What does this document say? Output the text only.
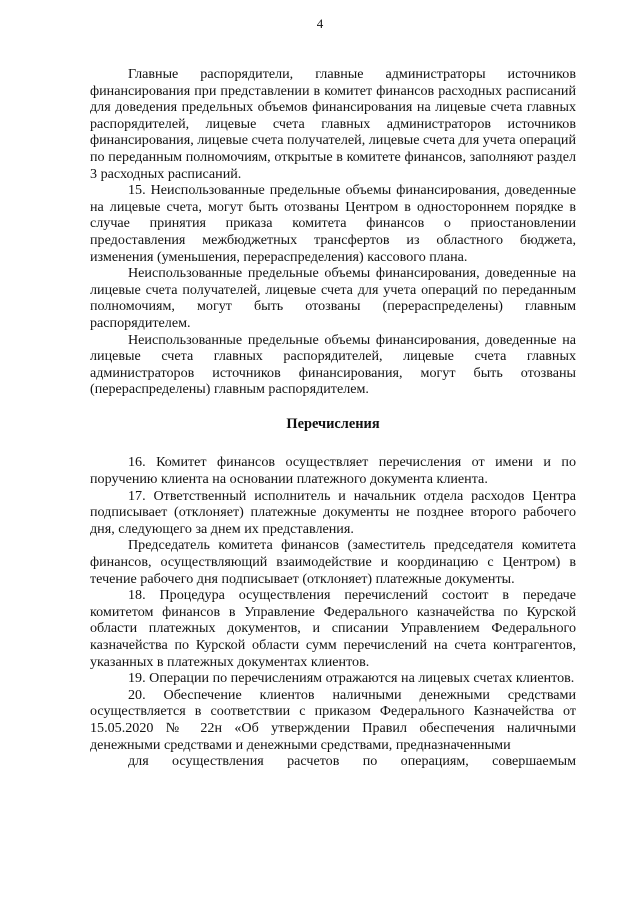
4

Главные распорядители, главные администраторы источников финансирования при представлении в комитет финансов расходных расписаний для доведения предельных объемов финансирования на лицевые счета главных распорядителей, лицевые счета главных администраторов источников финансирования, лицевые счета получателей, лицевые счета для учета операций по переданным полномочиям, открытые в комитете финансов, заполняют раздел 3 расходных расписаний.

15. Неиспользованные предельные объемы финансирования, доведенные на лицевые счета, могут быть отозваны Центром в одностороннем порядке в случае принятия приказа комитета финансов о приостановлении предоставления межбюджетных трансфертов из областного бюджета, изменения (уменьшения, перераспределения) кассового плана.

Неиспользованные предельные объемы финансирования, доведенные на лицевые счета получателей, лицевые счета для учета операций по переданным полномочиям, могут быть отозваны (перераспределены) главным распорядителем.

Неиспользованные предельные объемы финансирования, доведенные на лицевые счета главных распорядителей, лицевые счета главных администраторов источников финансирования, могут быть отозваны (перераспределены) главным распорядителем.

Перечисления

16. Комитет финансов осуществляет перечисления от имени и по поручению клиента на основании платежного документа клиента.

17. Ответственный исполнитель и начальник отдела расходов Центра подписывает (отклоняет) платежные документы не позднее второго рабочего дня, следующего за днем их представления.

Председатель комитета финансов (заместитель председателя комитета финансов, осуществляющий взаимодействие и координацию с Центром) в течение рабочего дня подписывает (отклоняет) платежные документы.

18. Процедура осуществления перечислений состоит в передаче комитетом финансов в Управление Федерального казначейства по Курской области платежных документов, и списании Управлением Федерального казначейства по Курской области сумм перечислений на счета контрагентов, указанных в платежных документах клиентов.

19. Операции по перечислениям отражаются на лицевых счетах клиентов.

20. Обеспечение клиентов наличными денежными средствами осуществляется в соответствии с приказом Федерального Казначейства от 15.05.2020 № 22н «Об утверждении Правил обеспечения наличными денежными средствами и денежными средствами, предназначенными
для осуществления расчетов по операциям, совершаемым
